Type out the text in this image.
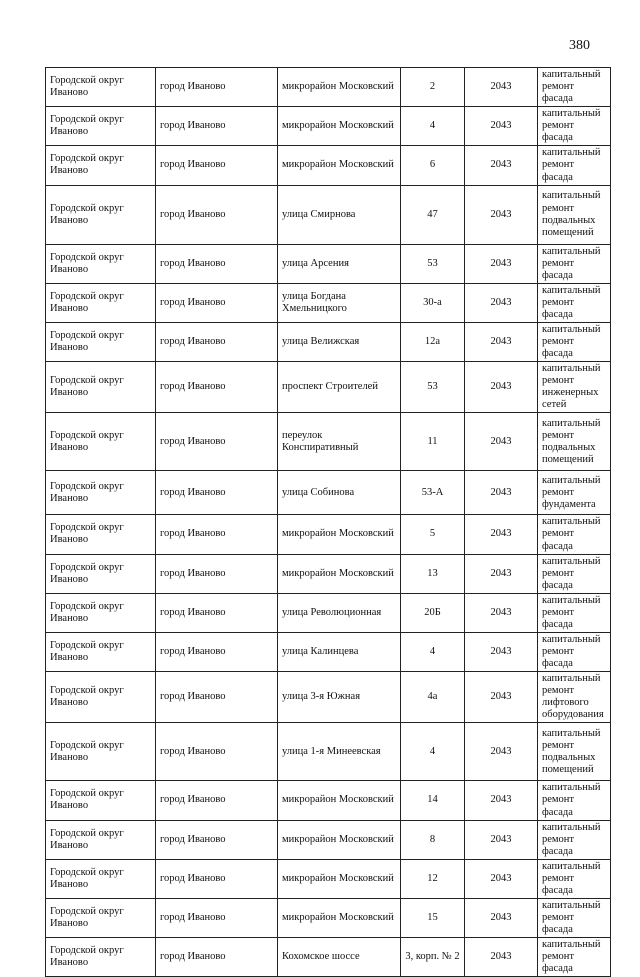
380
Городской округ Иваново	город Иваново	микрорайон Московский	2	2043	капитальный ремонт фасада
Городской округ Иваново	город Иваново	микрорайон Московский	4	2043	капитальный ремонт фасада
Городской округ Иваново	город Иваново	микрорайон Московский	6	2043	капитальный ремонт фасада
Городской округ Иваново	город Иваново	улица Смирнова	47	2043	капитальный ремонт подвальных помещений
Городской округ Иваново	город Иваново	улица Арсения	53	2043	капитальный ремонт фасада
Городской округ Иваново	город Иваново	улица Богдана Хмельницкого	30-а	2043	капитальный ремонт фасада
Городской округ Иваново	город Иваново	улица Велижская	12а	2043	капитальный ремонт фасада
Городской округ Иваново	город Иваново	проспект Строителей	53	2043	капитальный ремонт инженерных сетей
Городской округ Иваново	город Иваново	переулок Конспиративный	11	2043	капитальный ремонт подвальных помещений
Городской округ Иваново	город Иваново	улица Собинова	53-А	2043	капитальный ремонт фундамента
Городской округ Иваново	город Иваново	микрорайон Московский	5	2043	капитальный ремонт фасада
Городской округ Иваново	город Иваново	микрорайон Московский	13	2043	капитальный ремонт фасада
Городской округ Иваново	город Иваново	улица Революционная	20Б	2043	капитальный ремонт фасада
Городской округ Иваново	город Иваново	улица Калинцева	4	2043	капитальный ремонт фасада
Городской округ Иваново	город Иваново	улица 3-я Южная	4а	2043	капитальный ремонт лифтового оборудования
Городской округ Иваново	город Иваново	улица 1-я Минеевская	4	2043	капитальный ремонт подвальных помещений
Городской округ Иваново	город Иваново	микрорайон Московский	14	2043	капитальный ремонт фасада
Городской округ Иваново	город Иваново	микрорайон Московский	8	2043	капитальный ремонт фасада
Городской округ Иваново	город Иваново	микрорайон Московский	12	2043	капитальный ремонт фасада
Городской округ Иваново	город Иваново	микрорайон Московский	15	2043	капитальный ремонт фасада
Городской округ Иваново	город Иваново	Кохомское шоссе	3, корп. № 2	2043	капитальный ремонт фасада
